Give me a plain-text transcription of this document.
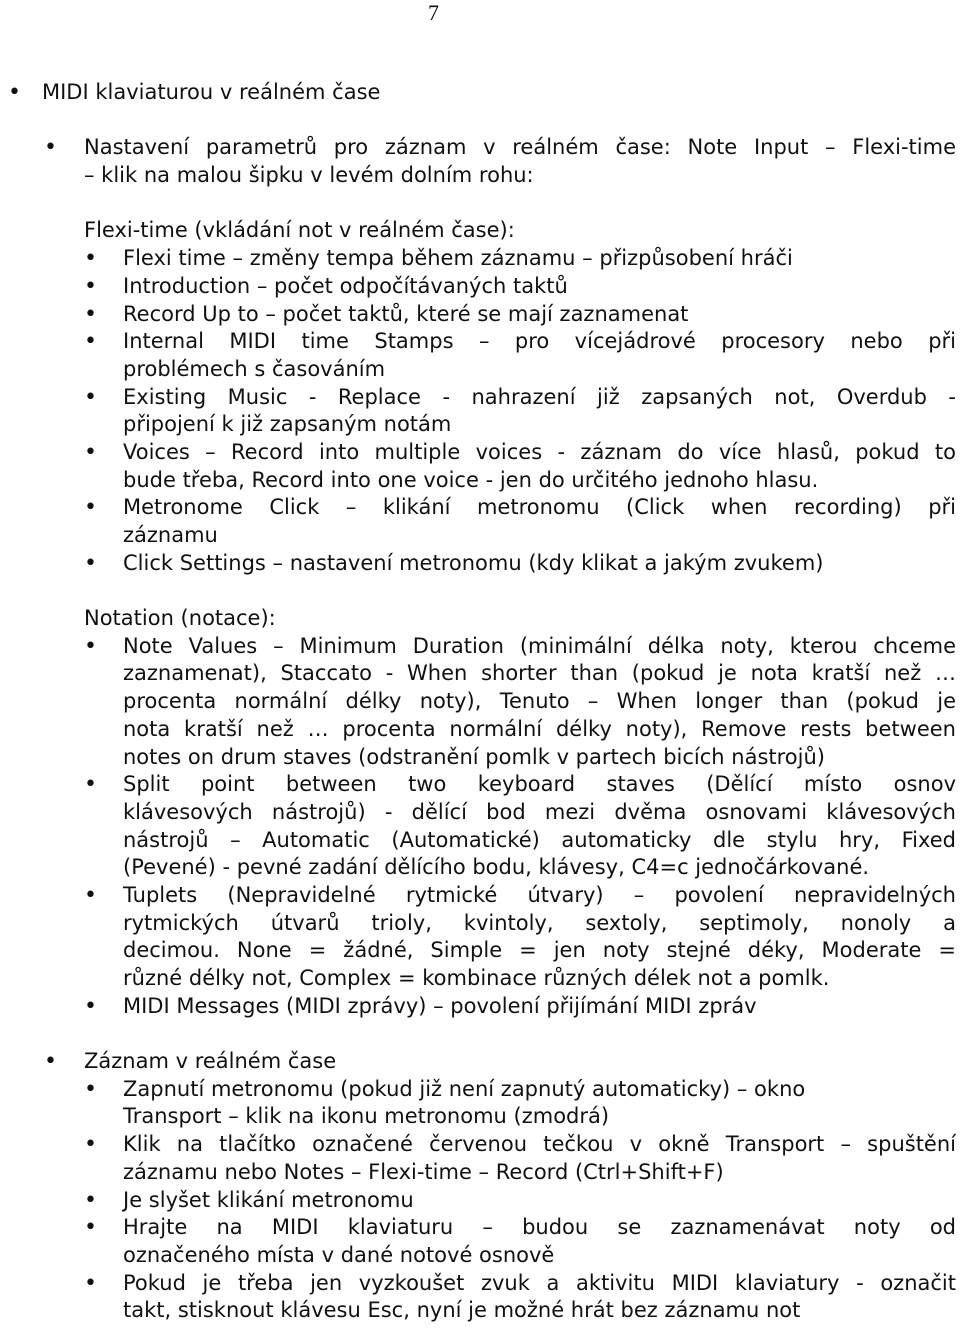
7
• MIDI klaviaturou v reálném čase
• Nastavení parametrů pro záznam v reálném čase: Note Input – Flexi-time
– klik na malou šipku v levém dolním rohu:
Flexi-time (vkládání not v reálném čase):
• Flexi time – změny tempa během záznamu – přizpůsobení hráči
• Introduction – počet odpočítávaných taktů
• Record Up to – počet taktů, které se mají zaznamenat
• Internal MIDI time Stamps – pro vícejádrové procesory nebo při
problémech s časováním
• Existing Music - Replace - nahrazení již zapsaných not, Overdub -
připojení k již zapsaným notám
• Voices – Record into multiple voices - záznam do více hlasů, pokud to
bude třeba, Record into one voice - jen do určitého jednoho hlasu.
• Metronome Click – klikání metronomu (Click when recording) při
záznamu
• Click Settings – nastavení metronomu (kdy klikat a jakým zvukem)
Notation (notace):
• Note Values – Minimum Duration (minimální délka noty, kterou chceme
zaznamenat), Staccato - When shorter than (pokud je nota kratší než …
procenta normální délky noty), Tenuto – When longer than (pokud je
nota kratší než … procenta normální délky noty), Remove rests between
notes on drum staves (odstranění pomlk v partech bicích nástrojů)
• Split point between two keyboard staves (Dělící místo osnov
klávesových nástrojů) - dělící bod mezi dvěma osnovami klávesových
nástrojů – Automatic (Automatické) automaticky dle stylu hry, Fixed
(Pevené) - pevné zadání dělícího bodu, klávesy, C4=c jednočárkované.
• Tuplets (Nepravidelné rytmické útvary) – povolení nepravidelných
rytmických útvarů trioly, kvintoly, sextoly, septimoly, nonoly a
decimou. None = žádné, Simple = jen noty stejné déky, Moderate =
různé délky not, Complex = kombinace různých délek not a pomlk.
• MIDI Messages (MIDI zprávy) – povolení přijímání MIDI zpráv
• Záznam v reálném čase
• Zapnutí metronomu (pokud již není zapnutý automaticky) – okno
Transport – klik na ikonu metronomu (zmodrá)
• Klik na tlačítko označené červenou tečkou v okně Transport – spuštění
záznamu nebo Notes – Flexi-time – Record (Ctrl+Shift+F)
• Je slyšet klikání metronomu
• Hrajte na MIDI klaviaturu – budou se zaznamenávat noty od
označeného místa v dané notové osnově
• Pokud je třeba jen vyzkoušet zvuk a aktivitu MIDI klaviatury - označit
takt, stisknout klávesu Esc, nyní je možné hrát bez záznamu not
